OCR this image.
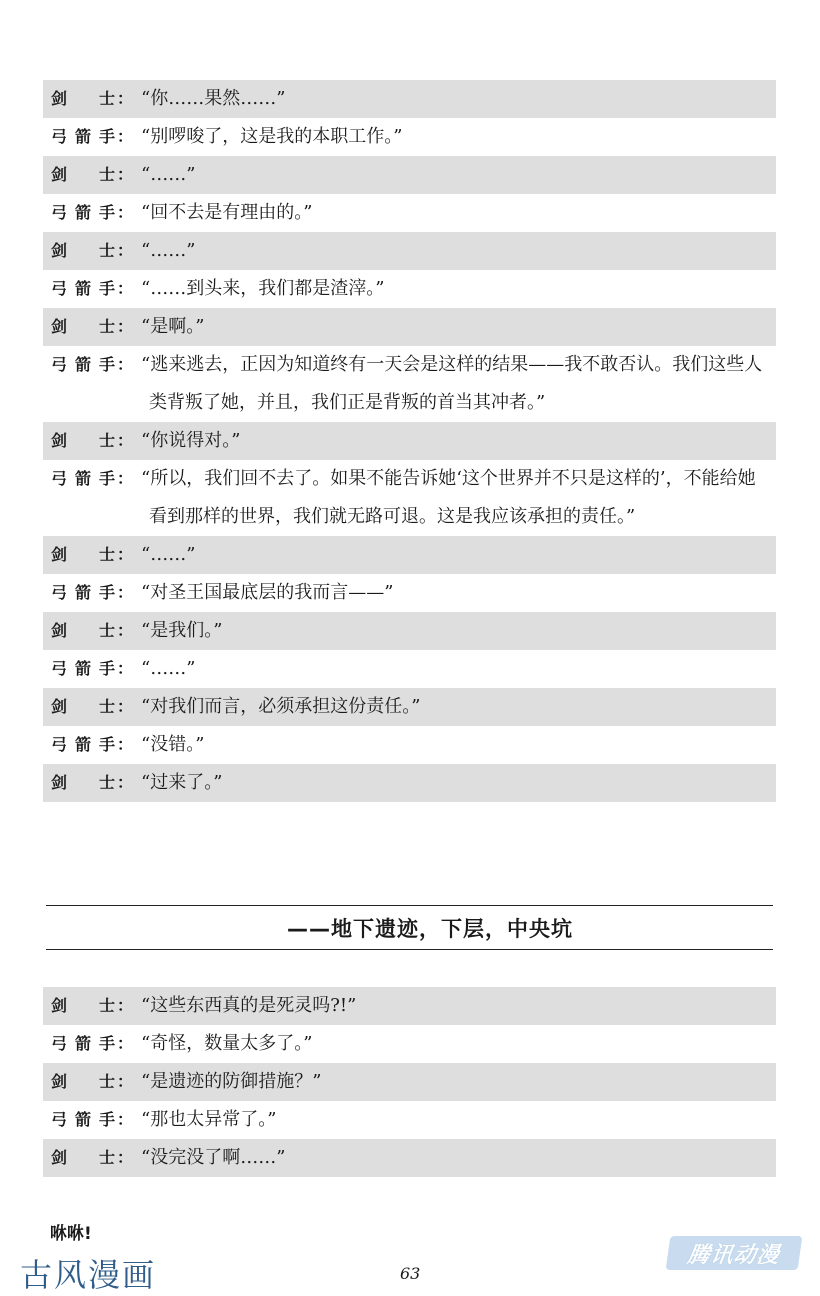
剑 士 ： “你……果然……”
弓 箭 手 ： “别啰唆了，这是我的本职工作。”
剑 士 ： “……”
弓 箭 手 ： “回不去是有理由的。”
剑 士 ： “……”
弓 箭 手 ： “……到头来，我们都是渣滓。”
剑 士 ： “是啊。”
弓 箭 手 ： “逃来逃去，正因为知道终有一天会是这样的结果——我不敢否认。我们这些人类背叛了她，并且，我们正是背叛的首当其冲者。”
剑 士 ： “你说得对。”
弓 箭 手 ： “所以，我们回不去了。如果不能告诉她‘这个世界并不只是这样的’，不能给她看到那样的世界，我们就无路可退。这是我应该承担的责任。”
剑 士 ： “……”
弓 箭 手 ： “对圣王国最底层的我而言——”
剑 士 ： “是我们。”
弓 箭 手 ： “……”
剑 士 ： “对我们而言，必须承担这份责任。”
弓 箭 手 ： “没错。”
剑 士 ： “过来了。”
——地下遗迹，下层，中央坑
剑 士 ： “这些东西真的是死灵吗?!”
弓 箭 手 ： “奇怪，数量太多了。”
剑 士 ： “是遗迹的防御措施？”
弓 箭 手 ： “那也太异常了。”
剑 士 ： “没完没了啊……”
咻咻!
古风漫画	63
腾讯动漫
